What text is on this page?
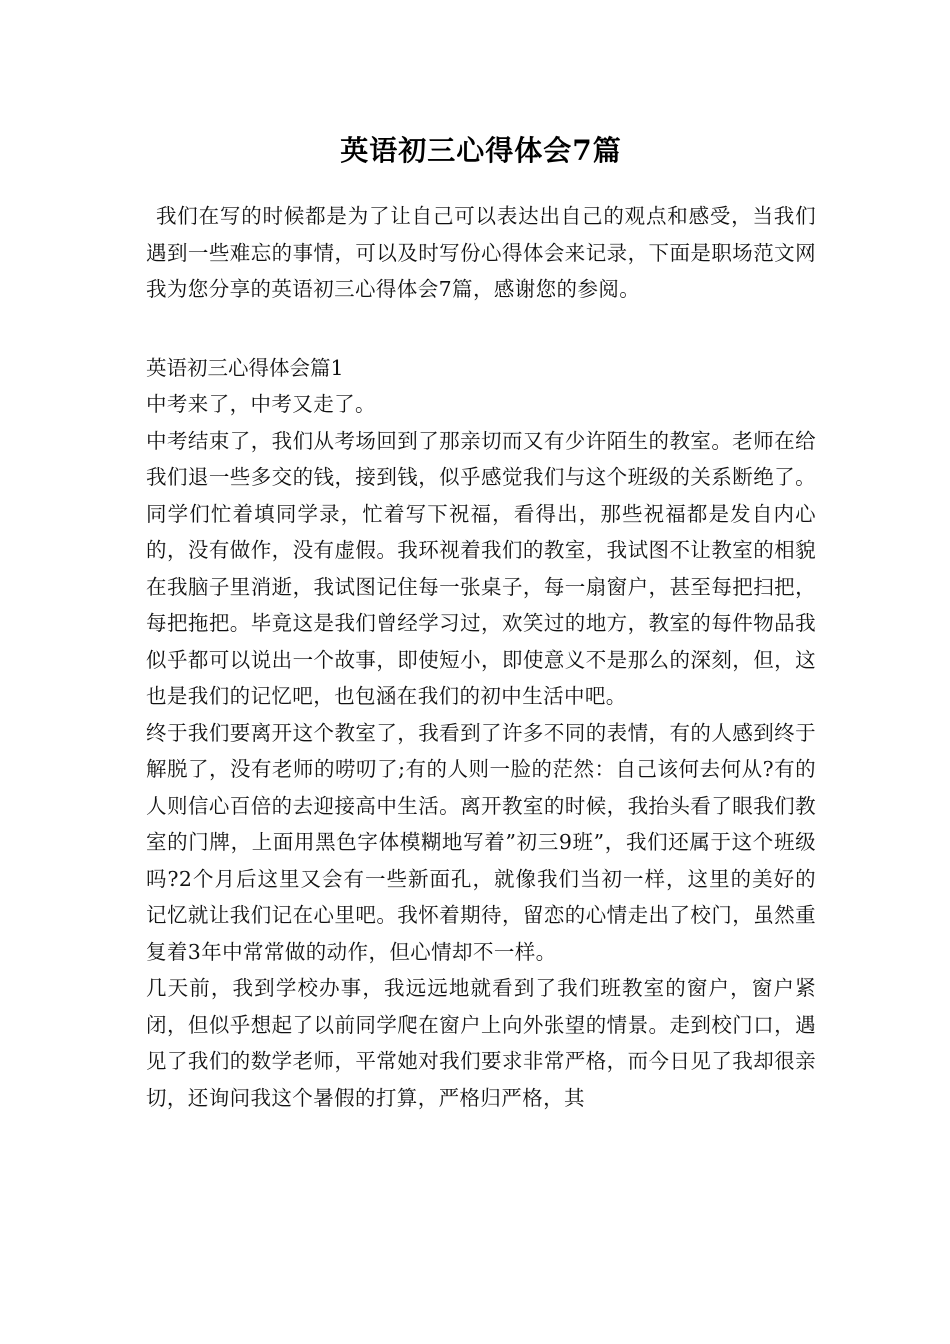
英语初三心得体会7篇

我们在写的时候都是为了让自己可以表达出自己的观点和感受，当我们遇到一些难忘的事情，可以及时写份心得体会来记录，下面是职场范文网我为您分享的英语初三心得体会7篇，感谢您的参阅。

英语初三心得体会篇1

中考来了，中考又走了。

中考结束了，我们从考场回到了那亲切而又有少许陌生的教室。老师在给我们退一些多交的钱，接到钱，似乎感觉我们与这个班级的关系断绝了。同学们忙着填同学录，忙着写下祝福，看得出，那些祝福都是发自内心的，没有做作，没有虚假。我环视着我们的教室，我试图不让教室的相貌在我脑子里消逝，我试图记住每一张桌子，每一扇窗户，甚至每把扫把，每把拖把。毕竟这是我们曾经学习过，欢笑过的地方，教室的每件物品我似乎都可以说出一个故事，即使短小，即使意义不是那么的深刻，但，这也是我们的记忆吧，也包涵在我们的初中生活中吧。

终于我们要离开这个教室了，我看到了许多不同的表情，有的人感到终于解脱了，没有老师的唠叨了;有的人则一脸的茫然：自己该何去何从?有的人则信心百倍的去迎接高中生活。离开教室的时候，我抬头看了眼我们教室的门牌，上面用黑色字体模糊地写着”初三9班”，我们还属于这个班级吗?2个月后这里又会有一些新面孔，就像我们当初一样，这里的美好的记忆就让我们记在心里吧。我怀着期待，留恋的心情走出了校门，虽然重复着3年中常常做的动作，但心情却不一样。

几天前，我到学校办事，我远远地就看到了我们班教室的窗户，窗户紧闭，但似乎想起了以前同学爬在窗户上向外张望的情景。走到校门口，遇见了我们的数学老师，平常她对我们要求非常严格，而今日见了我却很亲切，还询问我这个暑假的打算，严格归严格，其
